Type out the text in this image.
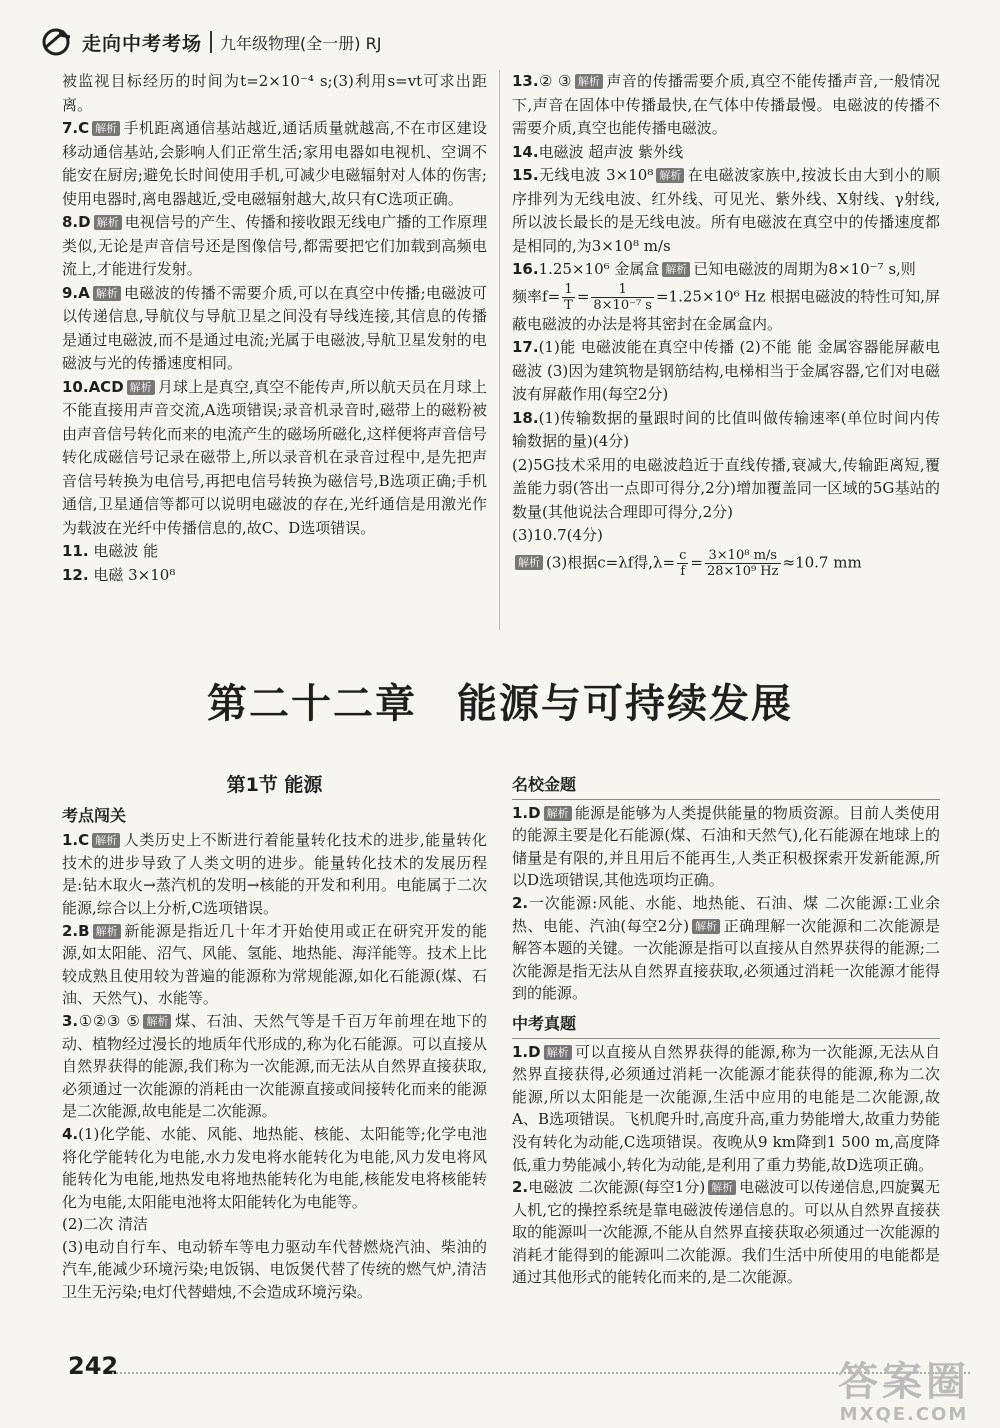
走向中考考场 九年级物理(全一册) RJ

被监视目标经历的时间为t=2×10⁻⁴ s;(3)利用s=vt可求出距离。

7.C 解析 手机距离通信基站越近,通话质量就越高,不在市区建设移动通信基站,会影响人们正常生活;家用电器如电视机、空调不能安在厨房;避免长时间使用手机,可减少电磁辐射对人体的伤害;使用电器时,离电器越近,受电磁辐射越大,故只有C选项正确。

8.D 解析 电视信号的产生、传播和接收跟无线电广播的工作原理类似,无论是声音信号还是图像信号,都需要把它们加载到高频电流上,才能进行发射。

9.A 解析 电磁波的传播不需要介质,可以在真空中传播;电磁波可以传递信息,导航仪与导航卫星之间没有导线连接,其信息的传播是通过电磁波,而不是通过电流;光属于电磁波,导航卫星发射的电磁波与光的传播速度相同。

10.ACD 解析 月球上是真空,真空不能传声,所以航天员在月球上不能直接用声音交流,A选项错误;录音机录音时,磁带上的磁粉被由声音信号转化而来的电流产生的磁场所磁化,这样便将声音信号转化成磁信号记录在磁带上,所以录音机在录音过程中,是先把声音信号转换为电信号,再把电信号转换为磁信号,B选项正确;手机通信,卫星通信等都可以说明电磁波的存在,光纤通信是用激光作为载波在光纤中传播信息的,故C、D选项错误。

11. 电磁波 能

12. 电磁 3×10⁸

13.② ③ 解析 声音的传播需要介质,真空不能传播声音,一般情况下,声音在固体中传播最快,在气体中传播最慢。电磁波的传播不需要介质,真空也能传播电磁波。

14.电磁波 超声波 紫外线

15.无线电波 3×10⁸ 解析 在电磁波家族中,按波长由大到小的顺序排列为无线电波、红外线、可见光、紫外线、X射线、γ射线,所以波长最长的是无线电波。所有电磁波在真空中的传播速度都是相同的,为3×10⁸ m/s

16.1.25×10⁶ 金属盒 解析 已知电磁波的周期为8×10⁻⁷ s,则

频率$f= \frac{1}{T} = \frac{1}{\text{8×10⁻⁷ s}} =1.25\times 10^6$ Hz 根据电磁波的特性可知,屏蔽电磁波的办法是将其密封在金属盒内。

17.(1)能 电磁波能在真空中传播 (2)不能 能 金属容器能屏蔽电磁波 (3)因为建筑物是钢筋结构,电梯相当于金属容器,它们对电磁波有屏蔽作用(每空2分)

18.(1)传输数据的量跟时间的比值叫做传输速率(单位时间内传输数据的量)(4分)

(2)5G技术采用的电磁波趋近于直线传播,衰减大,传输距离短,覆盖能力弱(答出一点即可得分,2分)增加覆盖同一区域的5G基站的数量(其他说法合理即可得分,2分)

(3)10.7(4分)

解析 (3)根据c=λf得$,\lambda= \frac{c}{f} = \frac{\text{3×10⁸ m/s}}{\text{28×10⁹ Hz}} \approx 10.7$ mm

第二十二章 能源与可持续发展
第1节 能源
考点闯关

1.C 解析 人类历史上不断进行着能量转化技术的进步,能量转化技术的进步导致了人类文明的进步。能量转化技术的发展历程是:钻木取火→蒸汽机的发明→核能的开发和利用。电能属于二次能源,综合以上分析,C选项错误。

2.B 解析 新能源是指近几十年才开始使用或正在研究开发的能源,如太阳能、沼气、风能、氢能、地热能、海洋能等。技术上比较成熟且使用较为普遍的能源称为常规能源,如化石能源(煤、石油、天然气)、水能等。

3.①②③ ⑤ 解析 煤、石油、天然气等是千百万年前埋在地下的动、植物经过漫长的地质年代形成的,称为化石能源。可以直接从自然界获得的能源,我们称为一次能源,而无法从自然界直接获取,必须通过一次能源的消耗由一次能源直接或间接转化而来的能源是二次能源,故电能是二次能源。

4.(1)化学能、水能、风能、地热能、核能、太阳能等;化学电池将化学能转化为电能,水力发电将水能转化为电能,风力发电将风能转化为电能,地热发电将地热能转化为电能,核能发电将核能转化为电能,太阳能电池将太阳能转化为电能等。

(2)二次 清洁

(3)电动自行车、电动轿车等电力驱动车代替燃烧汽油、柴油的汽车,能减少环境污染;电饭锅、电饭煲代替了传统的燃气炉,清洁卫生无污染;电灯代替蜡烛,不会造成环境污染。

名校金题

1.D 解析 能源是能够为人类提供能量的物质资源。目前人类使用的能源主要是化石能源(煤、石油和天然气),化石能源在地球上的储量是有限的,并且用后不能再生,人类正积极探索开发新能源,所以D选项错误,其他选项均正确。

2.一次能源:风能、水能、地热能、石油、煤 二次能源:工业余热、电能、汽油(每空2分) 解析 正确理解一次能源和二次能源是解答本题的关键。一次能源是指可以直接从自然界获得的能源;二次能源是指无法从自然界直接获取,必须通过消耗一次能源才能得到的能源。

中考真题

1.D 解析 可以直接从自然界获得的能源,称为一次能源,无法从自然界直接获得,必须通过消耗一次能源才能获得的能源,称为二次能源,所以太阳能是一次能源,生活中应用的电能是二次能源,故A、B选项错误。飞机爬升时,高度升高,重力势能增大,故重力势能没有转化为动能,C选项错误。夜晚从9 km降到1 500 m,高度降低,重力势能减小,转化为动能,是利用了重力势能,故D选项正确。

2.电磁波 二次能源(每空1分) 解析 电磁波可以传递信息,四旋翼无人机,它的操控系统是靠电磁波传递信息的。可以从自然界直接获取的能源叫一次能源,不能从自然界直接获取必须通过一次能源的消耗才能得到的能源叫二次能源。我们生活中所使用的电能都是通过其他形式的能转化而来的,是二次能源。

242	答案圈
MXQE.COM
